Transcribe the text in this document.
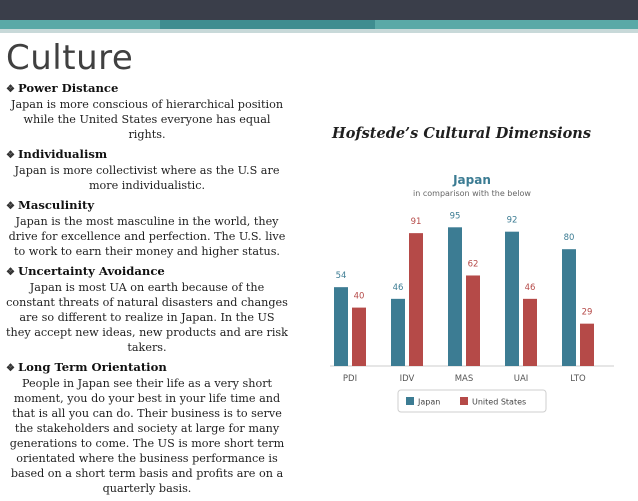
Culture
❖ Power Distance
Japan is more conscious of hierarchical position while the United States everyone has equal rights.
❖ Individualism
Japan is more collectivist where as the U.S are more individualistic.
❖ Masculinity
Japan is the most masculine in the world, they drive for excellence and perfection. The U.S. live to work to earn their money and higher status.
❖ Uncertainty Avoidance
Japan is most UA on earth because of the constant threats of natural disasters and changes are so different to realize in Japan. In the US they accept new ideas, new products and are risk takers.
❖ Long Term Orientation
People in Japan see their life as a very short moment, you do your best in your life time and that is all you can do. Their business is to serve the stakeholders and society at large for many generations to come. The US is more short term orientated where the business performance is based on a short term basis and profits are on a quarterly basis.
Hofstede’s Cultural Dimensions
Japan
in comparison with the below
54
40
PDI
46
91
IDV
95
62
MAS
92
46
UAI
80
29
LTO
Japan	United States
